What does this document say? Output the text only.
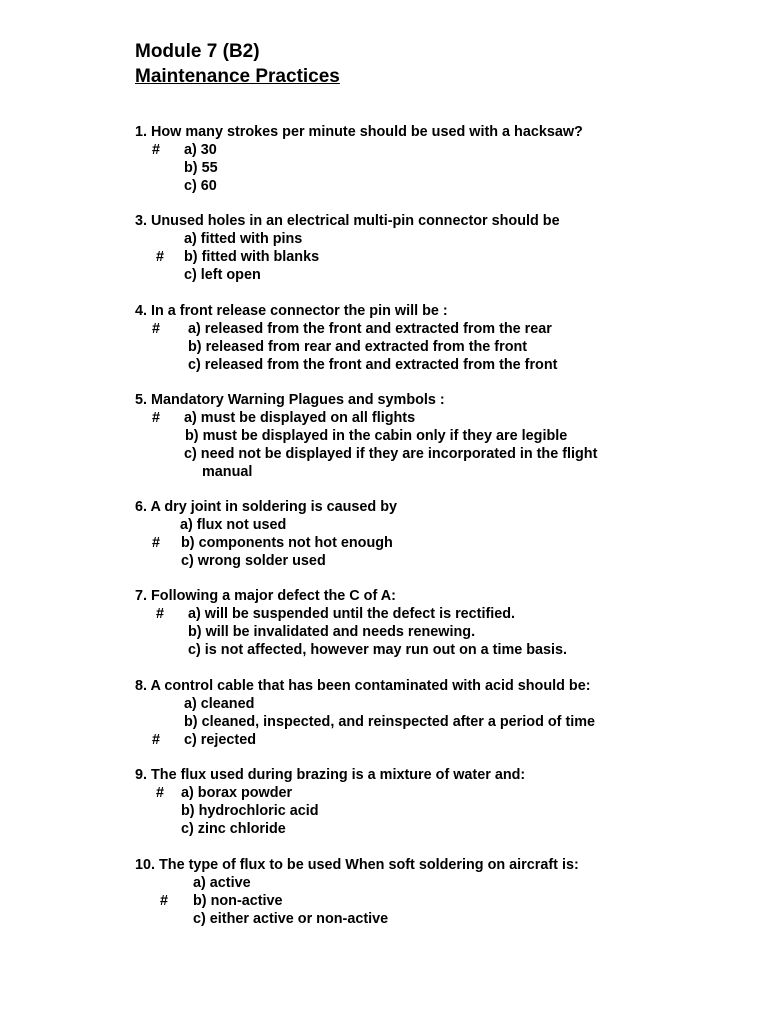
Module 7 (B2)
Maintenance Practices
1. How many strokes per minute should be used with a hacksaw?
# a) 30
b) 55
c) 60
3. Unused holes in an electrical multi-pin connector should be
a) fitted with pins
# b) fitted with blanks
c) left open
4. In a front release connector the pin will be :
# a) released from the front and extracted from the rear
b) released from rear and extracted from the front
c) released from the front and extracted from the front
5. Mandatory Warning Plagues and symbols :
# a) must be displayed on all flights
b) must be displayed in the cabin only if they are legible
c) need not be displayed if they are incorporated in the flight
manual
6. A dry joint in soldering is caused by
a) flux not used
# b) components not hot enough
c) wrong solder used
7. Following a major defect the C of A:
# a) will be suspended until the defect is rectified.
b) will be invalidated and needs renewing.
c) is not affected, however may run out on a time basis.
8. A control cable that has been contaminated with acid should be:
a) cleaned
b) cleaned, inspected, and reinspected after a period of time
# c) rejected
9. The flux used during brazing is a mixture of water and:
# a) borax powder
b) hydrochloric acid
c) zinc chloride
10. The type of flux to be used When soft soldering on aircraft is:
a) active
# b) non-active
c) either active or non-active
